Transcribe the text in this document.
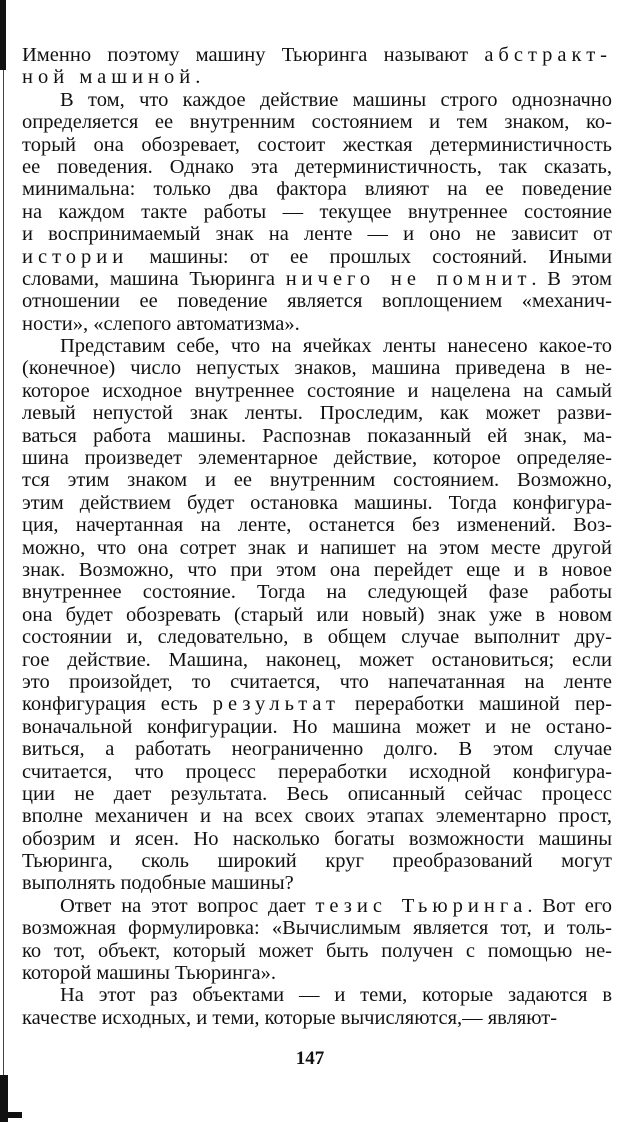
Именно поэтому машину Тьюринга называют абстракт-
ной машиной.
В том, что каждое действие машины строго однозначно
определяется ее внутренним состоянием и тем знаком, ко-
торый она обозревает, состоит жесткая детерминистичность
ее поведения. Однако эта детерминистичность, так сказать,
минимальна: только два фактора влияют на ее поведение
на каждом такте работы — текущее внутреннее состояние
и воспринимаемый знак на ленте — и оно не зависит от
истории машины: от ее прошлых состояний. Иными
словами, машина Тьюринга ничего не помнит. В этом
отношении ее поведение является воплощением «механич-
ности», «слепого автоматизма».
Представим себе, что на ячейках ленты нанесено какое-то
(конечное) число непустых знаков, машина приведена в не-
которое исходное внутреннее состояние и нацелена на самый
левый непустой знак ленты. Проследим, как может разви-
ваться работа машины. Распознав показанный ей знак, ма-
шина произведет элементарное действие, которое определяе-
тся этим знаком и ее внутренним состоянием. Возможно,
этим действием будет остановка машины. Тогда конфигура-
ция, начертанная на ленте, останется без изменений. Воз-
можно, что она сотрет знак и напишет на этом месте другой
знак. Возможно, что при этом она перейдет еще и в новое
внутреннее состояние. Тогда на следующей фазе работы
она будет обозревать (старый или новый) знак уже в новом
состоянии и, следовательно, в общем случае выполнит дру-
гое действие. Машина, наконец, может остановиться; если
это произойдет, то считается, что напечатанная на ленте
конфигурация есть результат переработки машиной пер-
воначальной конфигурации. Но машина может и не остано-
виться, а работать неограниченно долго. В этом случае
считается, что процесс переработки исходной конфигура-
ции не дает результата. Весь описанный сейчас процесс
вполне механичен и на всех своих этапах элементарно прост,
обозрим и ясен. Но насколько богаты возможности машины
Тьюринга, сколь широкий круг преобразований могут
выполнять подобные машины?
Ответ на этот вопрос дает тезис Тьюринга. Вот его
возможная формулировка: «Вычислимым является тот, и толь-
ко тот, объект, который может быть получен с помощью не-
которой машины Тьюринга».
На этот раз объектами — и теми, которые задаются в
качестве исходных, и теми, которые вычисляются,— являют-
147
